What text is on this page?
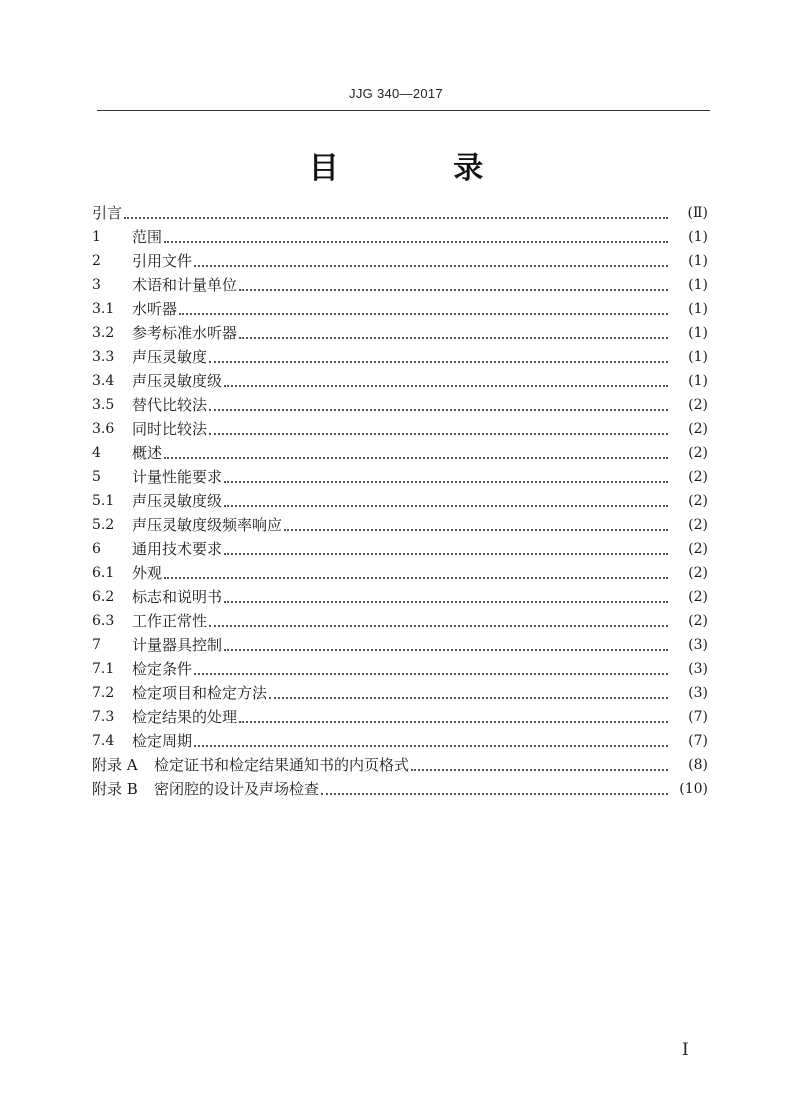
JJG 340—2017
目 录
引言	(Ⅱ)
1	范围	(1)
2	引用文件	(1)
3	术语和计量单位	(1)
3.1	水听器	(1)
3.2	参考标准水听器	(1)
3.3	声压灵敏度	(1)
3.4	声压灵敏度级	(1)
3.5	替代比较法	(2)
3.6	同时比较法	(2)
4	概述	(2)
5	计量性能要求	(2)
5.1	声压灵敏度级	(2)
5.2	声压灵敏度级频率响应	(2)
6	通用技术要求	(2)
6.1	外观	(2)
6.2	标志和说明书	(2)
6.3	工作正常性	(2)
7	计量器具控制	(3)
7.1	检定条件	(3)
7.2	检定项目和检定方法	(3)
7.3	检定结果的处理	(7)
7.4	检定周期	(7)
附录 A	检定证书和检定结果通知书的内页格式	(8)
附录 B	密闭腔的设计及声场检查	(10)
I
